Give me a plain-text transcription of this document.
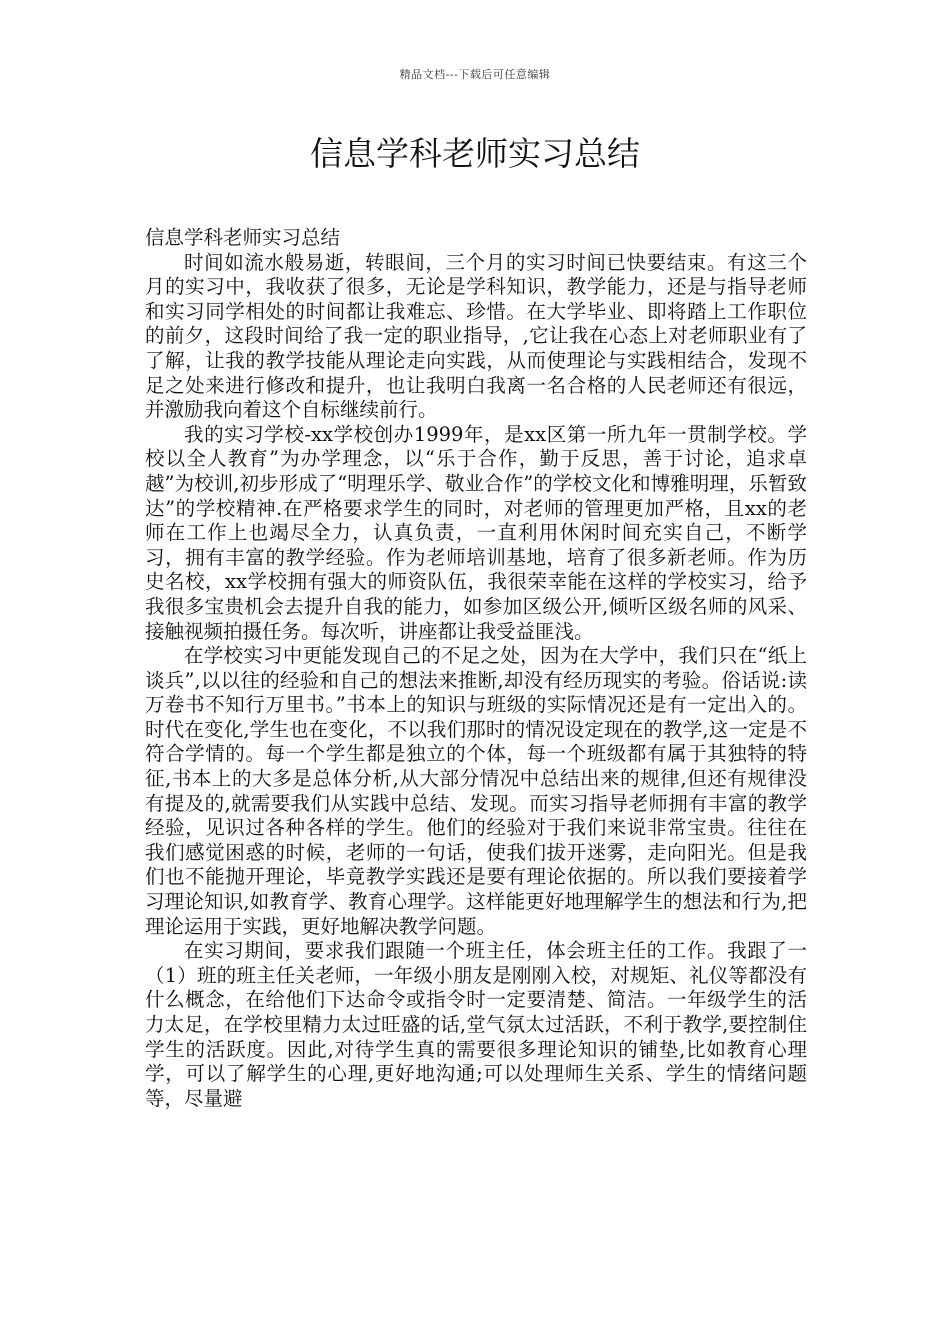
精品文档---下载后可任意编辑
信息学科老师实习总结

信息学科老师实习总结

时间如流水般易逝，转眼间，三个月的实习时间已快要结束。有这三个月的实习中，我收获了很多，无论是学科知识，教学能力，还是与指导老师和实习同学相处的时间都让我难忘、珍惜。在大学毕业、即将踏上工作职位的前夕，这段时间给了我一定的职业指导，,它让我在心态上对老师职业有了了解，让我的教学技能从理论走向实践，从而使理论与实践相结合，发现不足之处来进行修改和提升，也让我明白我离一名合格的人民老师还有很远，并激励我向着这个自标继续前行。

我的实习学校-xx学校创办1999年，是xx区第一所九年一贯制学校。学校以全人教育”为办学理念，以“乐于合作，勤于反思，善于讨论，追求卓越”为校训,初步形成了“明理乐学、敬业合作”的学校文化和博雅明理，乐暂致达”的学校精神.在严格要求学生的同时，对老师的管理更加严格，且xx的老师在工作上也竭尽全力，认真负责，一直利用休闲时间充实自己，不断学习，拥有丰富的教学经验。作为老师培训基地，培育了很多新老师。作为历史名校，xx学校拥有强大的师资队伍，我很荣幸能在这样的学校实习，给予我很多宝贵机会去提升自我的能力，如参加区级公开,倾听区级名师的风采、接触视频拍摄任务。每次听，讲座都让我受益匪浅。

在学校实习中更能发现自己的不足之处，因为在大学中，我们只在“纸上谈兵”,以以往的经验和自己的想法来推断,却没有经历现实的考验。俗话说:读万卷书不知行万里书。”书本上的知识与班级的实际情况还是有一定出入的。时代在变化,学生也在变化，不以我们那时的情况设定现在的教学,这一定是不符合学情的。每一个学生都是独立的个体，每一个班级都有属于其独特的特征,书本上的大多是总体分析,从大部分情况中总结出来的规律,但还有规律没有提及的,就需要我们从实践中总结、发现。而实习指导老师拥有丰富的教学经验，见识过各种各样的学生。他们的经验对于我们来说非常宝贵。往往在我们感觉困惑的时候，老师的一句话，使我们拔开迷雾，走向阳光。但是我们也不能抛开理论，毕竟教学实践还是要有理论依据的。所以我们要接着学习理论知识,如教育学、教育心理学。这样能更好地理解学生的想法和行为,把理论运用于实践，更好地解决教学问题。

在实习期间，要求我们跟随一个班主任，体会班主任的工作。我跟了一（1）班的班主任关老师，一年级小朋友是刚刚入校，对规矩、礼仪等都没有什么概念，在给他们下达命令或指令时一定要清楚、简洁。一年级学生的活力太足，在学校里精力太过旺盛的话,堂气氛太过活跃，不利于教学,要控制住学生的活跃度。因此,对待学生真的需要很多理论知识的铺垫,比如教育心理学，可以了解学生的心理,更好地沟通;可以处理师生关系、学生的情绪问题等，尽量避
